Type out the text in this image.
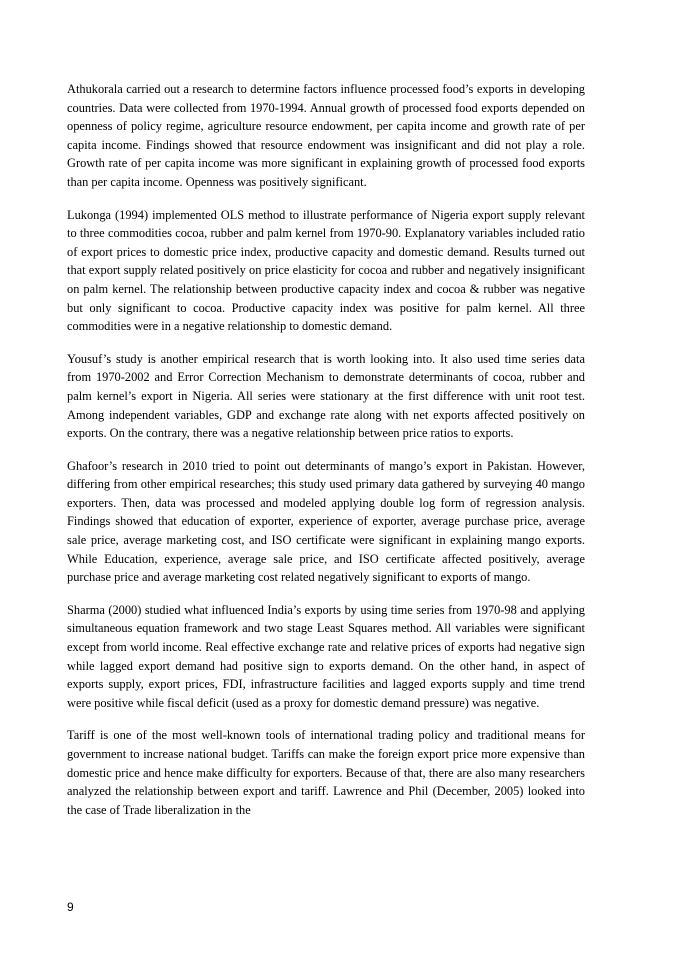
Athukorala carried out a research to determine factors influence processed food’s exports in developing countries. Data were collected from 1970-1994. Annual growth of processed food exports depended on openness of policy regime, agriculture resource endowment, per capita income and growth rate of per capita income. Findings showed that resource endowment was insignificant and did not play a role. Growth rate of per capita income was more significant in explaining growth of processed food exports than per capita income. Openness was positively significant.

Lukonga (1994) implemented OLS method to illustrate performance of Nigeria export supply relevant to three commodities cocoa, rubber and palm kernel from 1970-90. Explanatory variables included ratio of export prices to domestic price index, productive capacity and domestic demand. Results turned out that export supply related positively on price elasticity for cocoa and rubber and negatively insignificant on palm kernel. The relationship between productive capacity index and cocoa & rubber was negative but only significant to cocoa. Productive capacity index was positive for palm kernel. All three commodities were in a negative relationship to domestic demand.

Yousuf’s study is another empirical research that is worth looking into. It also used time series data from 1970-2002 and Error Correction Mechanism to demonstrate determinants of cocoa, rubber and palm kernel’s export in Nigeria. All series were stationary at the first difference with unit root test. Among independent variables, GDP and exchange rate along with net exports affected positively on exports. On the contrary, there was a negative relationship between price ratios to exports.

Ghafoor’s research in 2010 tried to point out determinants of mango’s export in Pakistan. However, differing from other empirical researches; this study used primary data gathered by surveying 40 mango exporters. Then, data was processed and modeled applying double log form of regression analysis. Findings showed that education of exporter, experience of exporter, average purchase price, average sale price, average marketing cost, and ISO certificate were significant in explaining mango exports. While Education, experience, average sale price, and ISO certificate affected positively, average purchase price and average marketing cost related negatively significant to exports of mango.

Sharma (2000) studied what influenced India’s exports by using time series from 1970-98 and applying simultaneous equation framework and two stage Least Squares method. All variables were significant except from world income. Real effective exchange rate and relative prices of exports had negative sign while lagged export demand had positive sign to exports demand. On the other hand, in aspect of exports supply, export prices, FDI, infrastructure facilities and lagged exports supply and time trend were positive while fiscal deficit (used as a proxy for domestic demand pressure) was negative.

Tariff is one of the most well-known tools of international trading policy and traditional means for government to increase national budget. Tariffs can make the foreign export price more expensive than domestic price and hence make difficulty for exporters. Because of that, there are also many researchers analyzed the relationship between export and tariff. Lawrence and Phil (December, 2005) looked into the case of Trade liberalization in the

9
